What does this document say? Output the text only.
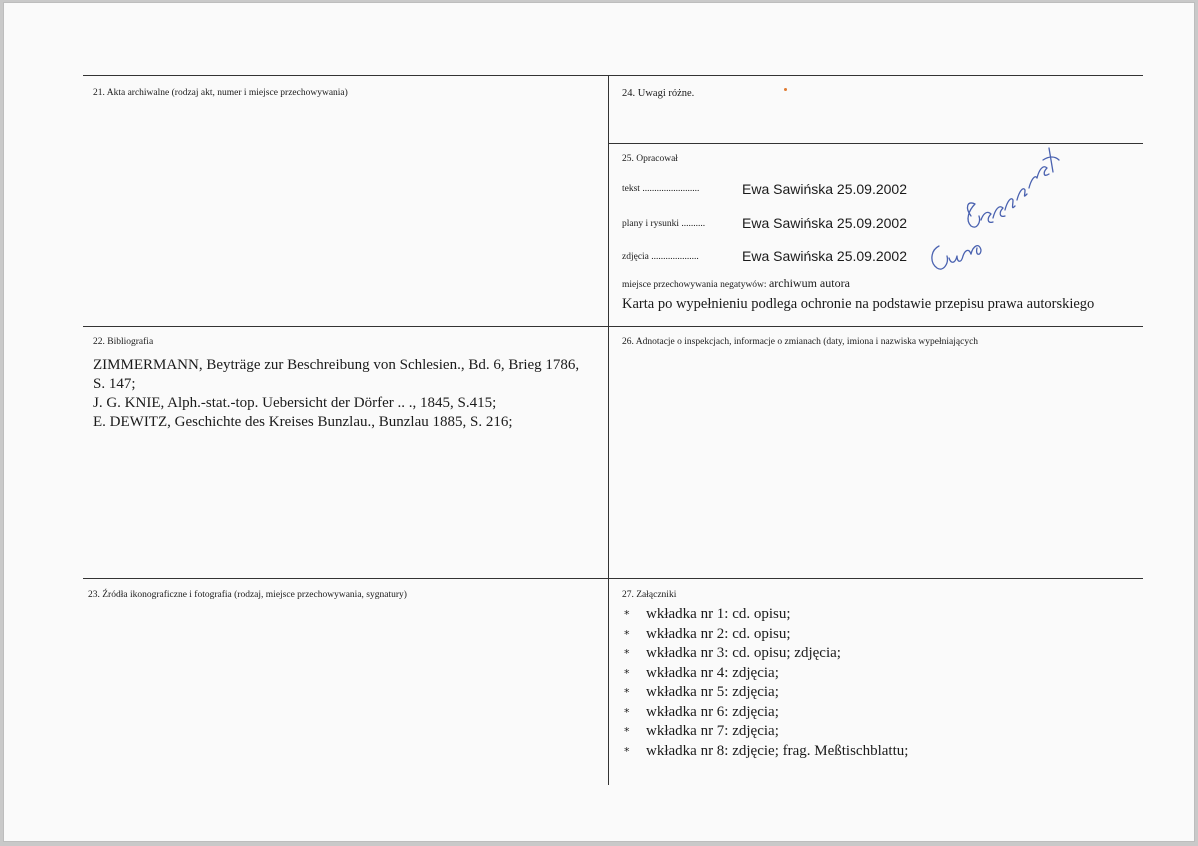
21. Akta archiwalne (rodzaj akt, numer i miejsce przechowywania)	24. Uwagi różne.
25. Opracował
tekst ........................	Ewa Sawińska 25.09.2002
plany i rysunki ..........	Ewa Sawińska 25.09.2002
zdjęcia ....................	Ewa Sawińska 25.09.2002
miejsce przechowywania negatywów: archiwum autora
Karta po wypełnieniu podlega ochronie na podstawie przepisu prawa autorskiego
22. Bibliografia
ZIMMERMANN, Beyträge zur Beschreibung von Schlesien., Bd. 6, Brieg 1786,
S. 147;
J. G. KNIE, Alph.-stat.-top. Uebersicht der Dörfer .. ., 1845, S.415;
E. DEWITZ, Geschichte des Kreises Bunzlau., Bunzlau 1885, S. 216;
26. Adnotacje o inspekcjach, informacje o zmianach (daty, imiona i nazwiska wypełniających
23. Źródła ikonograficzne i fotografia (rodzaj, miejsce przechowywania, sygnatury)	27. Załączniki
* wkładka nr 1: cd. opisu;
* wkładka nr 2: cd. opisu;
* wkładka nr 3: cd. opisu; zdjęcia;
* wkładka nr 4: zdjęcia;
* wkładka nr 5: zdjęcia;
* wkładka nr 6: zdjęcia;
* wkładka nr 7: zdjęcia;
* wkładka nr 8: zdjęcie; frag. Meßtischblattu;
